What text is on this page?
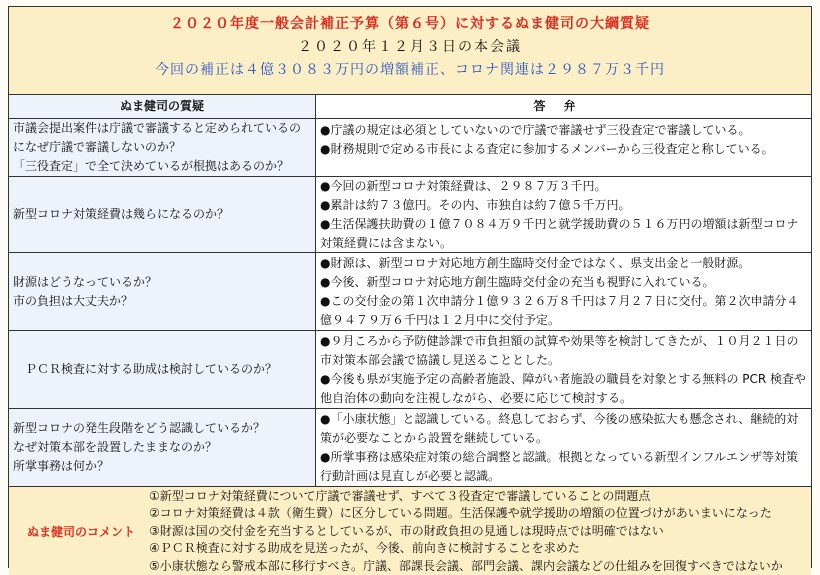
２０２０年度一般会計補正予算（第６号）に対するぬま健司の大綱質疑
２０２０年１２月３日の本会議
今回の補正は４億３０８３万円の増額補正、コロナ関連は２９８７万３千円
ぬま健司の質疑	答弁
市議会提出案件は庁議で審議すると定められているのになぜ庁議で審議しないのか？
「三役査定」で全て決めているが根拠はあるのか？
●庁議の規定は必須としていないので庁議で審議せず三役査定で審議している。
●財務規則で定める市長による査定に参加するメンバーから三役査定と称している。
新型コロナ対策経費は幾らになるのか？
●今回の新型コロナ対策経費は、２９８７万３千円。
●累計は約７３億円。その内、市独自は約７億５千万円。
●生活保護扶助費の１億７０８４万９千円と就学援助費の５１６万円の増額は新型コロナ対策経費には含まない。
財源はどうなっているか？
市の負担は大丈夫か？
●財源は、新型コロナ対応地方創生臨時交付金ではなく、県支出金と一般財源。
●今後、新型コロナ対応地方創生臨時交付金の充当も視野に入れている。
●この交付金の第１次申請分１億９３２６万８千円は７月２７日に交付。第２次申請分４億９４７９万６千円は１２月中に交付予定。
ＰＣＲ検査に対する助成は検討しているのか？
●９月ころから予防健診課で市負担額の試算や効果等を検討してきたが、１０月２１日の市対策本部会議で協議し見送ることとした。
●今後も県が実施予定の高齢者施設、障がい者施設の職員を対象とする無料の PCR 検査や他自治体の動向を注視しながら、必要に応じて検討する。
新型コロナの発生段階をどう認識しているか？
なぜ対策本部を設置したままなのか？
所掌事務は何か？
●「小康状態」と認識している。終息しておらず、今後の感染拡大も懸念され、継続的対策が必要なことから設置を継続している。
●所掌事務は感染症対策の総合調整と認識。根拠となっている新型インフルエンザ等対策行動計画は見直しが必要と認識。
ぬま健司のコメント
①新型コロナ対策経費について庁議で審議せず、すべて３役査定で審議していることの問題点
②コロナ対策経費は４款（衛生費）に区分している問題。生活保護や就学援助の増額の位置づけがあいまいになった
③財源は国の交付金を充当するとしているが、市の財政負担の見通しは現時点では明確ではない
④ＰＣＲ検査に対する助成を見送ったが、今後、前向きに検討することを求めた
⑤小康状態なら警戒本部に移行すべき。庁議、部課長会議、部門会議、課内会議などの仕組みを回復すべきではないか
